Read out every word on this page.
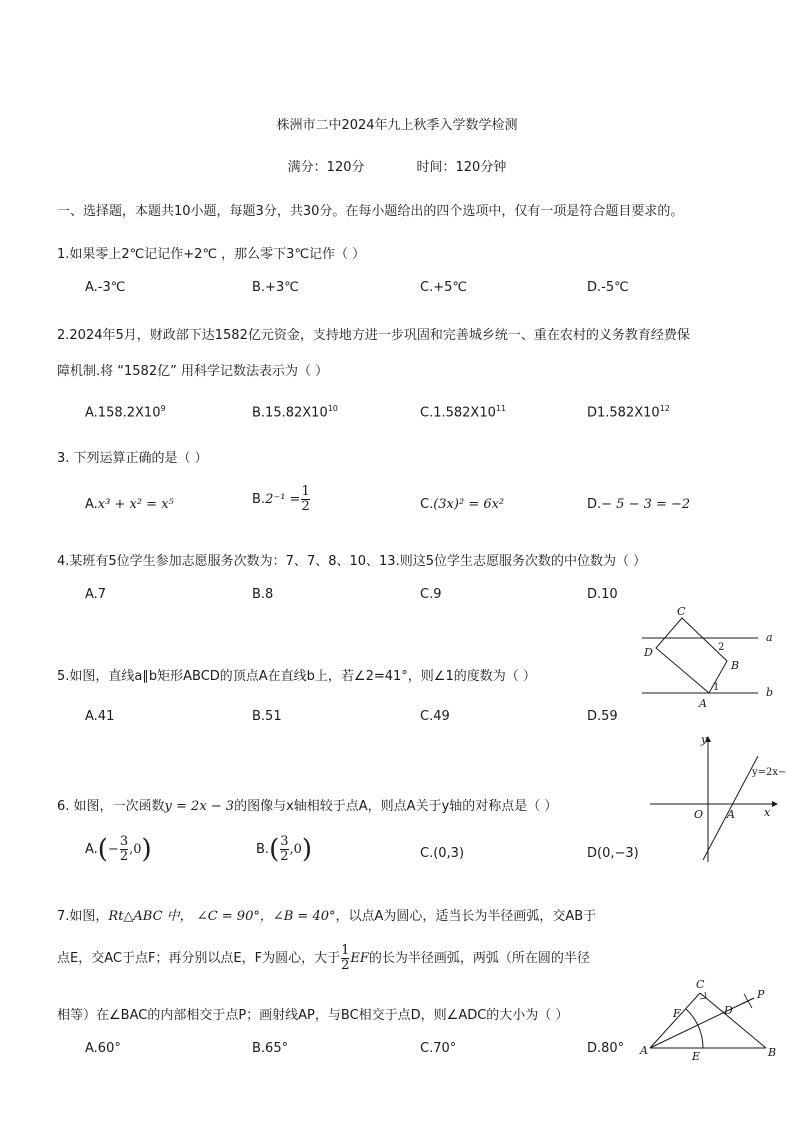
株洲市二中2024年九上秋季入学数学检测
满分：120分	时间：120分钟
一、选择题，本题共10小题，每题3分，共30分。在每小题给出的四个选项中，仅有一项是符合题目要求的。
1.如果零上2℃记记作+2℃ ，那么零下3℃记作（ ）
A.-3℃	B.+3℃	C.+5℃	D.-5℃
2.2024年5月，财政部下达1582亿元资金，支持地方进一步巩固和完善城乡统一、重在农村的义务教育经费保
障机制.将 “1582亿” 用科学记数法表示为（ ）
$A.158.2X10^9$	$B.15.82X10^{10}$	$C.1.582X10^{11}$	$D1.582X10^{12}$
3. 下列运算正确的是（ ）
A.x³ + x² = x⁵	$B.2^{-1} = \frac{1}{2}$	C.(3x)² = 6x²	D.− 5 − 3 = −2
4.某班有5位学生参加志愿服务次数为：7、7、8、10、13.则这5位学生志愿服务次数的中位数为（ ）
A.7	B.8	C.9	D.10
C
D
B
A
a
b
1
2
5.如图，直线a∥b矩形ABCD的顶点A在直线b上，若∠2=41°，则∠1的度数为（ ）
A.41	B.51	C.49	D.59
y
x
O A
y=2x−
6. 如图，一次函数y = 2x − 3的图像与x轴相较于点A，则点A关于y轴的对称点是（ ）
$A.(- \frac{3}{2} ,0)$	$B.( \frac{3}{2} ,0)$	C.(0,3)	D(0,−3)
7.如图，Rt△ABC 中， ∠C = 90°，∠B = 40°，以点A为圆心，适当长为半径画弧，交AB于
点E，交AC于点F；再分别以点E，F为圆心，大于 $\frac{1}{2}$ EF的长为半径画弧，两弧（所在圆的半径
相等）在∠BAC的内部相交于点P；画射线AP，与BC相交于点D，则∠ADC的大小为（ ）
A.60°	B.65°	C.70°	D.80°
C
F	D
P
A	E	B
